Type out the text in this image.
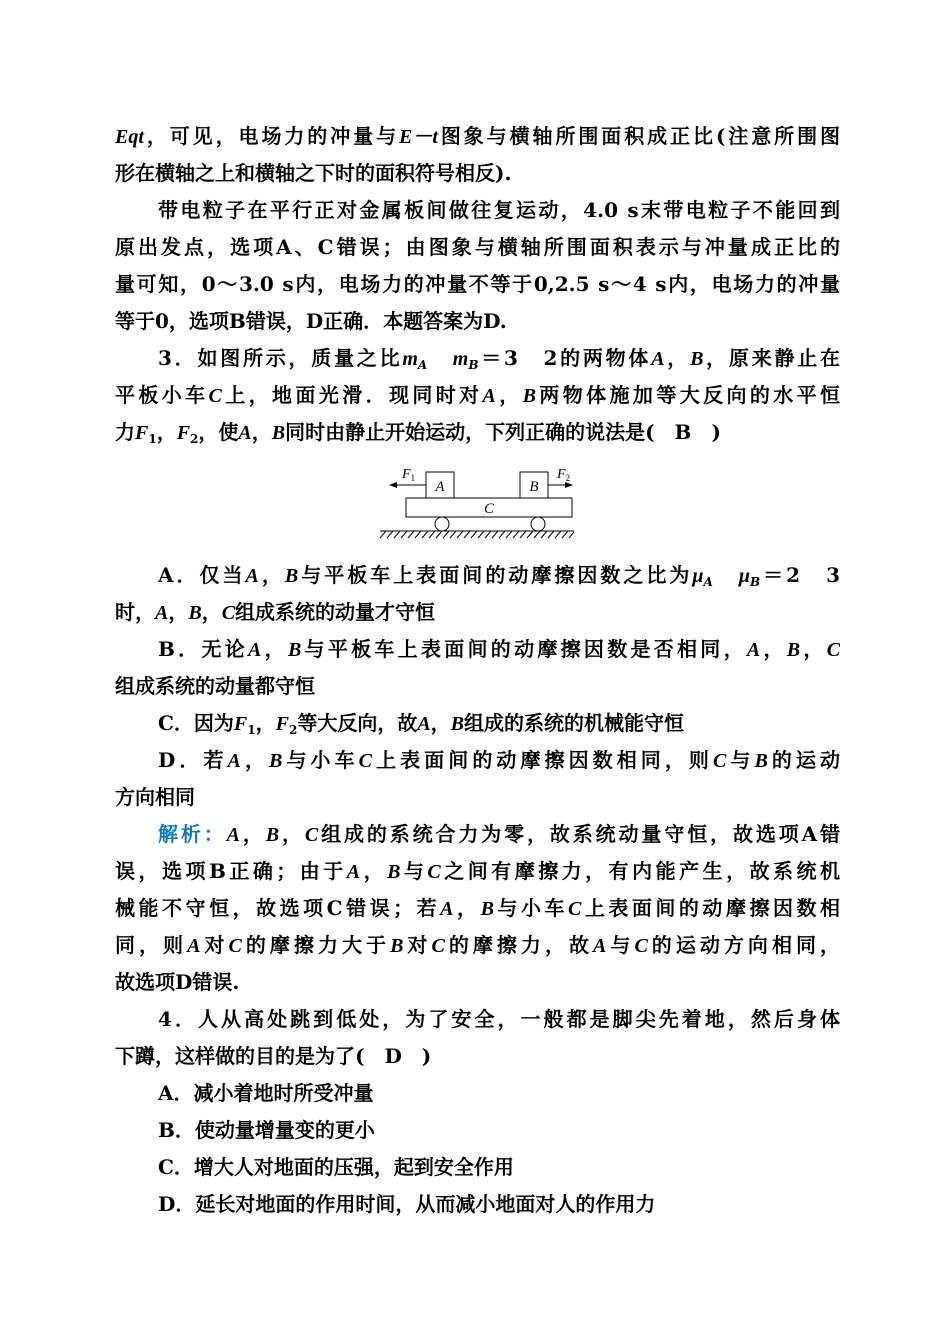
Eqt，可见，电场力的冲量与E－t图象与横轴所围面积成正比(注意所围图
形在横轴之上和横轴之下时的面积符号相反).
带电粒子在平行正对金属板间做往复运动，4.0 s末带电粒子不能回到
原出发点，选项A、C错误；由图象与横轴所围面积表示与冲量成正比的
量可知，0～3.0 s内，电场力的冲量不等于0,2.5 s～4 s内，电场力的冲量
等于0，选项B错误，D正确．本题答案为D.
3．如图所示，质量之比$m_A$　 $m_B=3$　2的两物体A，B，原来静止在
平板小车C上，地面光滑．现同时对A，B两物体施加等大反向的水平恒
力$F_1$，$F_2$，使A，B同时由静止开始运动，下列正确的说法是(　B　)
$F_1$
A	B
$F_2$
C
A．仅当A，B与平板车上表面间的动摩擦因数之比为$\mu_A$　 $\mu_B=2$　3
时，A，B，C组成系统的动量才守恒
B．无论A，B与平板车上表面间的动摩擦因数是否相同，A，B，C
组成系统的动量都守恒
C．因为$F_1$，$F_2$等大反向，故A，B组成的系统的机械能守恒
D．若A，B与小车C上表面间的动摩擦因数相同，则C与B的运动
方向相同
解析：A，B，C组成的系统合力为零，故系统动量守恒，故选项A错
误，选项B正确；由于A，B与C之间有摩擦力，有内能产生，故系统机
械能不守恒，故选项C错误；若A，B与小车C上表面间的动摩擦因数相
同，则A对C的摩擦力大于B对C的摩擦力，故A与C的运动方向相同，
故选项D错误.
4．人从高处跳到低处，为了安全，一般都是脚尖先着地，然后身体
下蹲，这样做的目的是为了(　D　)
A．减小着地时所受冲量
B．使动量增量变的更小
C．增大人对地面的压强，起到安全作用
D．延长对地面的作用时间，从而减小地面对人的作用力
